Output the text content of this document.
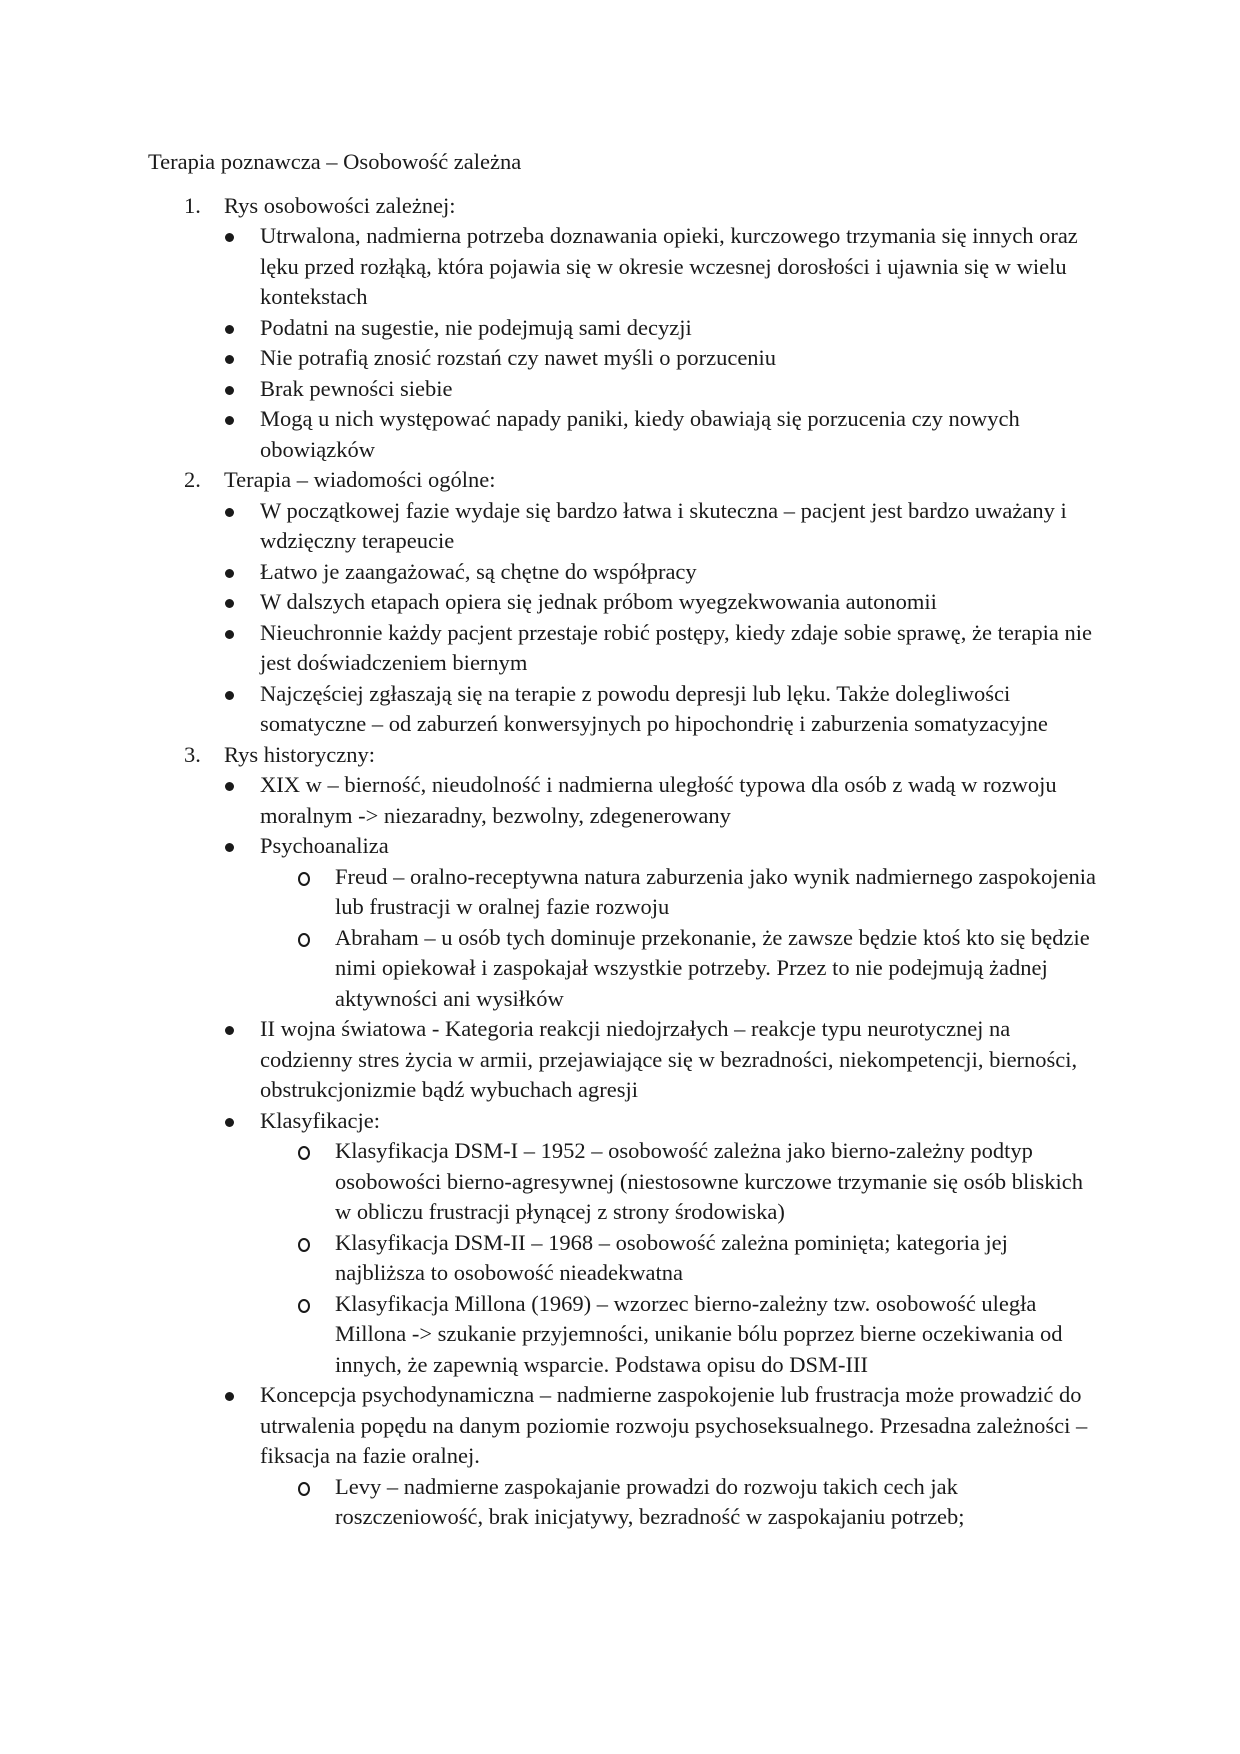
Terapia poznawcza – Osobowość zależna
1. Rys osobowości zależnej:
Utrwalona, nadmierna potrzeba doznawania opieki, kurczowego trzymania się innych oraz lęku przed rozłąką, która pojawia się w okresie wczesnej dorosłości i ujawnia się w wielu kontekstach
Podatni na sugestie, nie podejmują sami decyzji
Nie potrafią znosić rozstań czy nawet myśli o porzuceniu
Brak pewności siebie
Mogą u nich występować napady paniki, kiedy obawiają się porzucenia czy nowych obowiązków
2. Terapia – wiadomości ogólne:
W początkowej fazie wydaje się bardzo łatwa i skuteczna – pacjent jest bardzo uważany i wdzięczny terapeucie
Łatwo je zaangażować, są chętne do współpracy
W dalszych etapach opiera się jednak próbom wyegzekwowania autonomii
Nieuchronnie każdy pacjent przestaje robić postępy, kiedy zdaje sobie sprawę, że terapia nie jest doświadczeniem biernym
Najczęściej zgłaszają się na terapie z powodu depresji lub lęku. Także dolegliwości somatyczne – od zaburzeń konwersyjnych po hipochondrię i zaburzenia somatyzacyjne
3. Rys historyczny:
XIX w – bierność, nieudolność i nadmierna uległość typowa dla osób z wadą w rozwoju moralnym -> niezaradny, bezwolny, zdegenerowany
Psychoanaliza
Freud – oralno-receptywna natura zaburzenia jako wynik nadmiernego zaspokojenia lub frustracji w oralnej fazie rozwoju
Abraham – u osób tych dominuje przekonanie, że zawsze będzie ktoś kto się będzie nimi opiekował i zaspokajał wszystkie potrzeby. Przez to nie podejmują żadnej aktywności ani wysiłków
II wojna światowa - Kategoria reakcji niedojrzałych – reakcje typu neurotycznej na codzienny stres życia w armii, przejawiające się w bezradności, niekompetencji, bierności, obstrukcjonizmie bądź wybuchach agresji
Klasyfikacje:
Klasyfikacja DSM-I – 1952 – osobowość zależna jako bierno-zależny podtyp osobowości bierno-agresywnej (niestosowne kurczowe trzymanie się osób bliskich w obliczu frustracji płynącej z strony środowiska)
Klasyfikacja DSM-II – 1968 – osobowość zależna pominięta; kategoria jej najbliższa to osobowość nieadekwatna
Klasyfikacja Millona (1969) – wzorzec bierno-zależny tzw. osobowość uległa Millona -> szukanie przyjemności, unikanie bólu poprzez bierne oczekiwania od innych, że zapewnią wsparcie. Podstawa opisu do DSM-III
Koncepcja psychodynamiczna – nadmierne zaspokojenie lub frustracja może prowadzić do utrwalenia popędu na danym poziomie rozwoju psychoseksualnego. Przesadna zależności – fiksacja na fazie oralnej.
Levy – nadmierne zaspokajanie prowadzi do rozwoju takich cech jak roszczeniowość, brak inicjatywy, bezradność w zaspokajaniu potrzeb;
